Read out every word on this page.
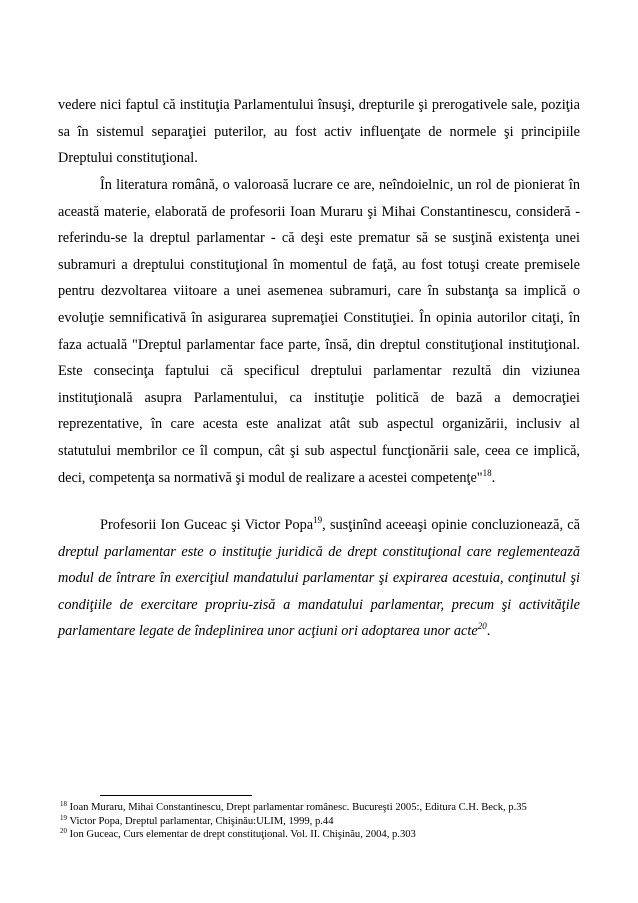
vedere nici faptul că instituţia Parlamentului însuşi, drepturile şi prerogativele sale, poziţia sa în sistemul separaţiei puterilor, au fost activ influenţate de normele şi principiile Dreptului constituţional.

În literatura română, o valoroasă lucrare ce are, neîndoielnic, un rol de pionierat în această materie, elaborată de profesorii Ioan Muraru şi Mihai Constantinescu, consideră - referindu-se la dreptul parlamentar - că deşi este prematur să se susţină existenţa unei subramuri a dreptului constituţional în momentul de faţă, au fost totuşi create premisele pentru dezvoltarea viitoare a unei asemenea subramuri, care în substanţa sa implică o evoluţie semnificativă în asigurarea supremaţiei Constituţiei. În opinia autorilor citaţi, în faza actuală "Dreptul parlamentar face parte, însă, din dreptul constituţional instituţional. Este consecinţa faptului că specificul dreptului parlamentar rezultă din viziunea instituţională asupra Parlamentului, ca instituţie politică de bază a democraţiei reprezentative, în care acesta este analizat atât sub aspectul organizării, inclusiv al statutului membrilor ce îl compun, cât şi sub aspectul funcţionării sale, ceea ce implică, deci, competenţa sa normativă şi modul de realizare a acestei competenţe"$^{18}$.

Profesorii Ion Guceac şi Victor Popa$^{19}$, susţinînd aceeaşi opinie concluzionează, că dreptul parlamentar este o instituţie juridică de drept constituţional care reglementează modul de întrare în exerciţiul mandatului parlamentar şi expirarea acestuia, conţinutul şi condiţiile de exercitare propriu-zisă a mandatului parlamentar, precum şi activităţile parlamentare legate de îndeplinirea unor acţiuni ori adoptarea unor acte$^{20}$.

$^{18}$ Ioan Muraru, Mihai Constantinescu, Drept parlamentar românesc. Bucureşti 2005:, Editura C.H. Beck, p.35
$^{19}$ Victor Popa, Dreptul parlamentar, Chişinău:ULIM, 1999, p.44
$^{20}$ Ion Guceac, Curs elementar de drept constituţional. Vol. II. Chişinău, 2004, p.303
